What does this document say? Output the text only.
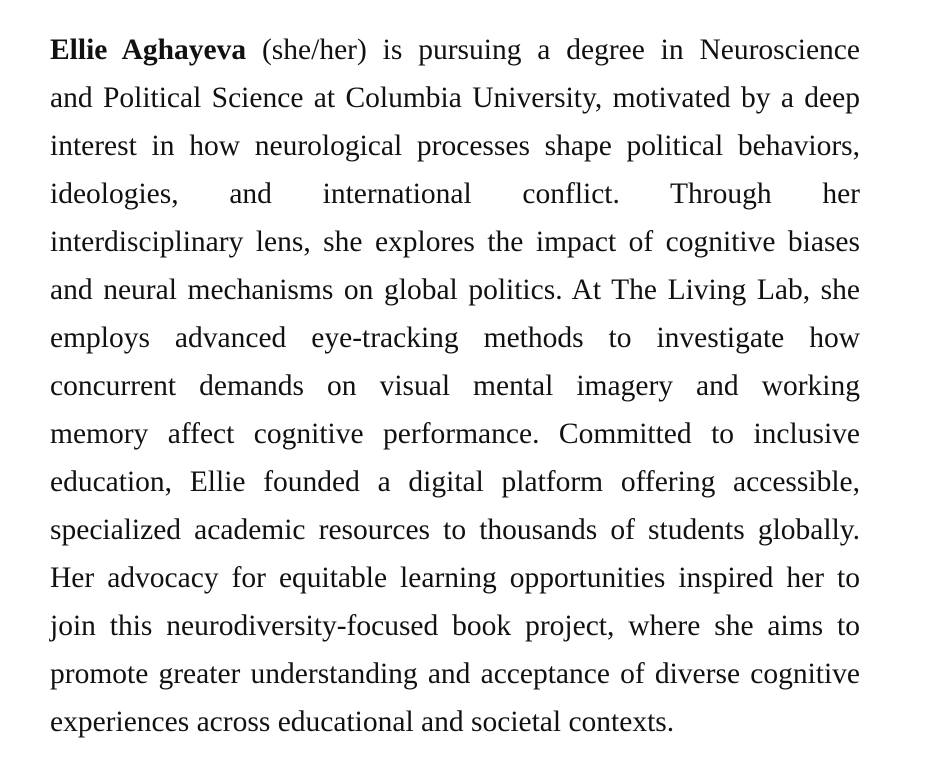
Ellie Aghayeva (she/her) is pursuing a degree in Neuroscience
and Political Science at Columbia University, motivated by a deep
interest in how neurological processes shape political behaviors,
ideologies, and international conflict. Through her
interdisciplinary lens, she explores the impact of cognitive biases
and neural mechanisms on global politics. At The Living Lab, she
employs advanced eye-tracking methods to investigate how
concurrent demands on visual mental imagery and working
memory affect cognitive performance. Committed to inclusive
education, Ellie founded a digital platform offering accessible,
specialized academic resources to thousands of students globally.
Her advocacy for equitable learning opportunities inspired her to
join this neurodiversity-focused book project, where she aims to
promote greater understanding and acceptance of diverse cognitive
experiences across educational and societal contexts.
